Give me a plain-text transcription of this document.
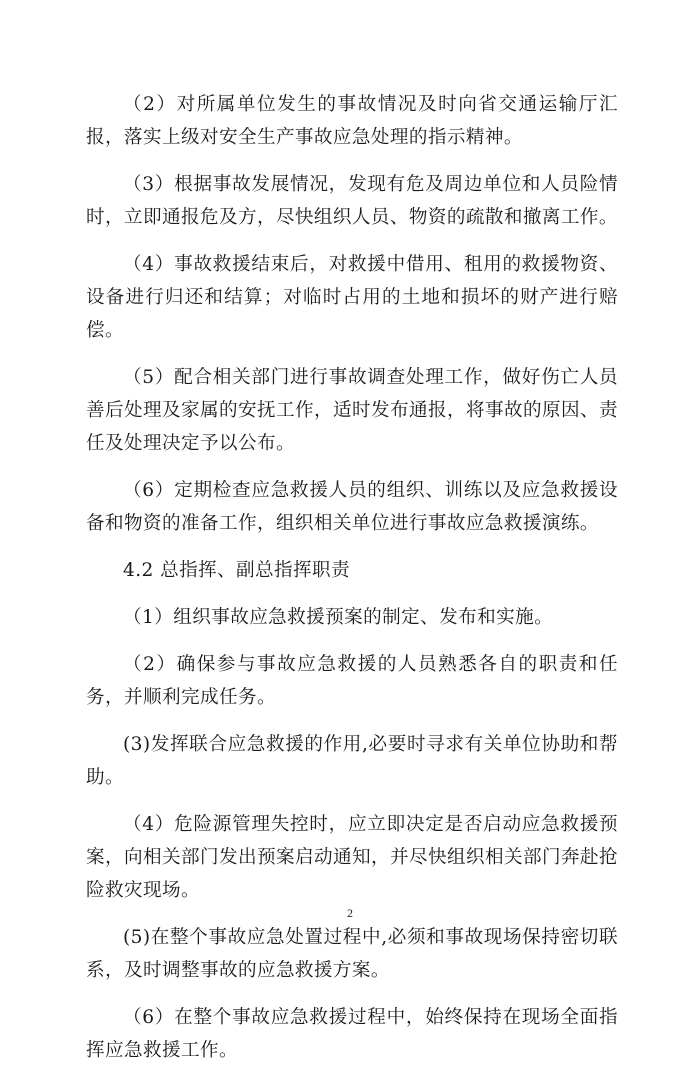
（2）对所属单位发生的事故情况及时向省交通运输厅汇报，落实上级对安全生产事故应急处理的指示精神。

（3）根据事故发展情况，发现有危及周边单位和人员险情时，立即通报危及方，尽快组织人员、物资的疏散和撤离工作。

（4）事故救援结束后，对救援中借用、租用的救援物资、设备进行归还和结算；对临时占用的土地和损坏的财产进行赔偿。

（5）配合相关部门进行事故调查处理工作，做好伤亡人员善后处理及家属的安抚工作，适时发布通报，将事故的原因、责任及处理决定予以公布。

（6）定期检查应急救援人员的组织、训练以及应急救援设备和物资的准备工作，组织相关单位进行事故应急救援演练。

4.2 总指挥、副总指挥职责

（1）组织事故应急救援预案的制定、发布和实施。

（2）确保参与事故应急救援的人员熟悉各自的职责和任务，并顺利完成任务。

(3)发挥联合应急救援的作用,必要时寻求有关单位协助和帮助。

（4）危险源管理失控时，应立即决定是否启动应急救援预案，向相关部门发出预案启动通知，并尽快组织相关部门奔赴抢险救灾现场。

(5)在整个事故应急处置过程中,必须和事故现场保持密切联系，及时调整事故的应急救援方案。

（6）在整个事故应急救援过程中，始终保持在现场全面指挥应急救援工作。

2
